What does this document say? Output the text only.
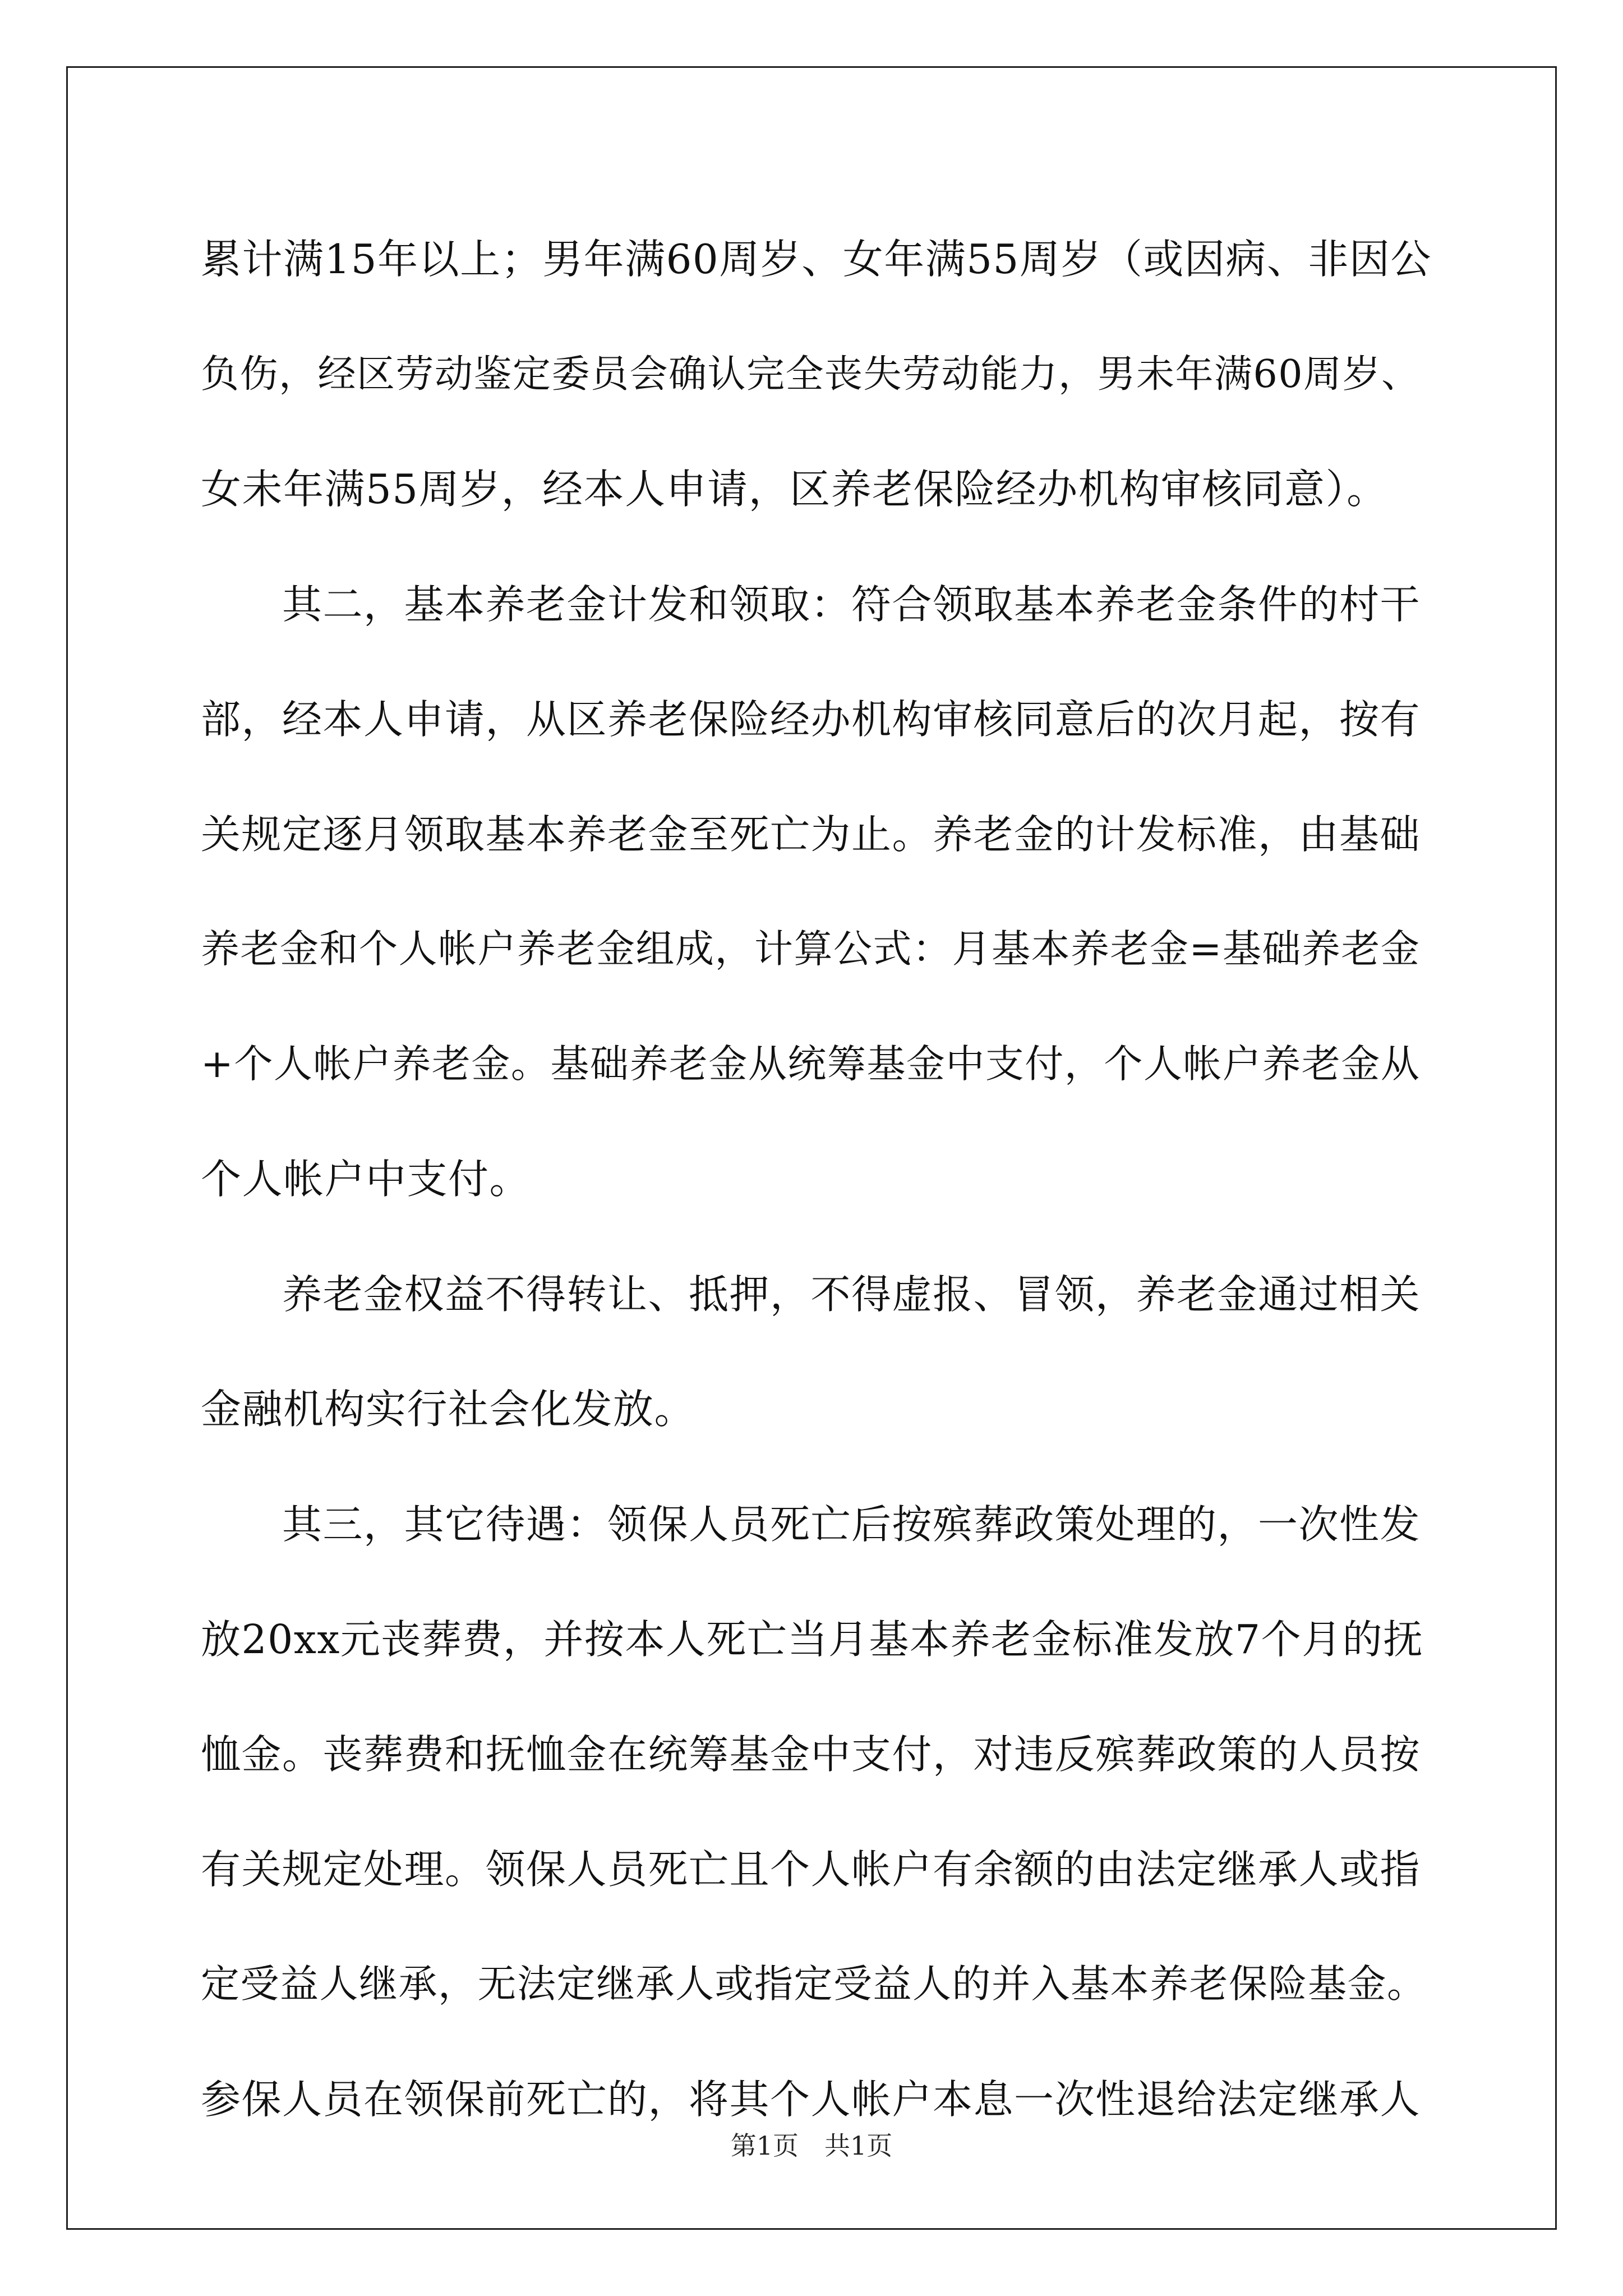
累计满15年以上；男年满60周岁、女年满55周岁（或因病、非因公
负伤，经区劳动鉴定委员会确认完全丧失劳动能力，男未年满60周岁、
女未年满55周岁，经本人申请，区养老保险经办机构审核同意）。
　　其二，基本养老金计发和领取：符合领取基本养老金条件的村干
部，经本人申请，从区养老保险经办机构审核同意后的次月起，按有
关规定逐月领取基本养老金至死亡为止。养老金的计发标准，由基础
养老金和个人帐户养老金组成，计算公式：月基本养老金=基础养老金
+个人帐户养老金。基础养老金从统筹基金中支付，个人帐户养老金从
个人帐户中支付。
　　养老金权益不得转让、抵押，不得虚报、冒领，养老金通过相关
金融机构实行社会化发放。
　　其三，其它待遇：领保人员死亡后按殡葬政策处理的，一次性发
放20xx元丧葬费，并按本人死亡当月基本养老金标准发放7个月的抚
恤金。丧葬费和抚恤金在统筹基金中支付，对违反殡葬政策的人员按
有关规定处理。领保人员死亡且个人帐户有余额的由法定继承人或指
定受益人继承，无法定继承人或指定受益人的并入基本养老保险基金。
参保人员在领保前死亡的，将其个人帐户本息一次性退给法定继承人
第1页　共1页
